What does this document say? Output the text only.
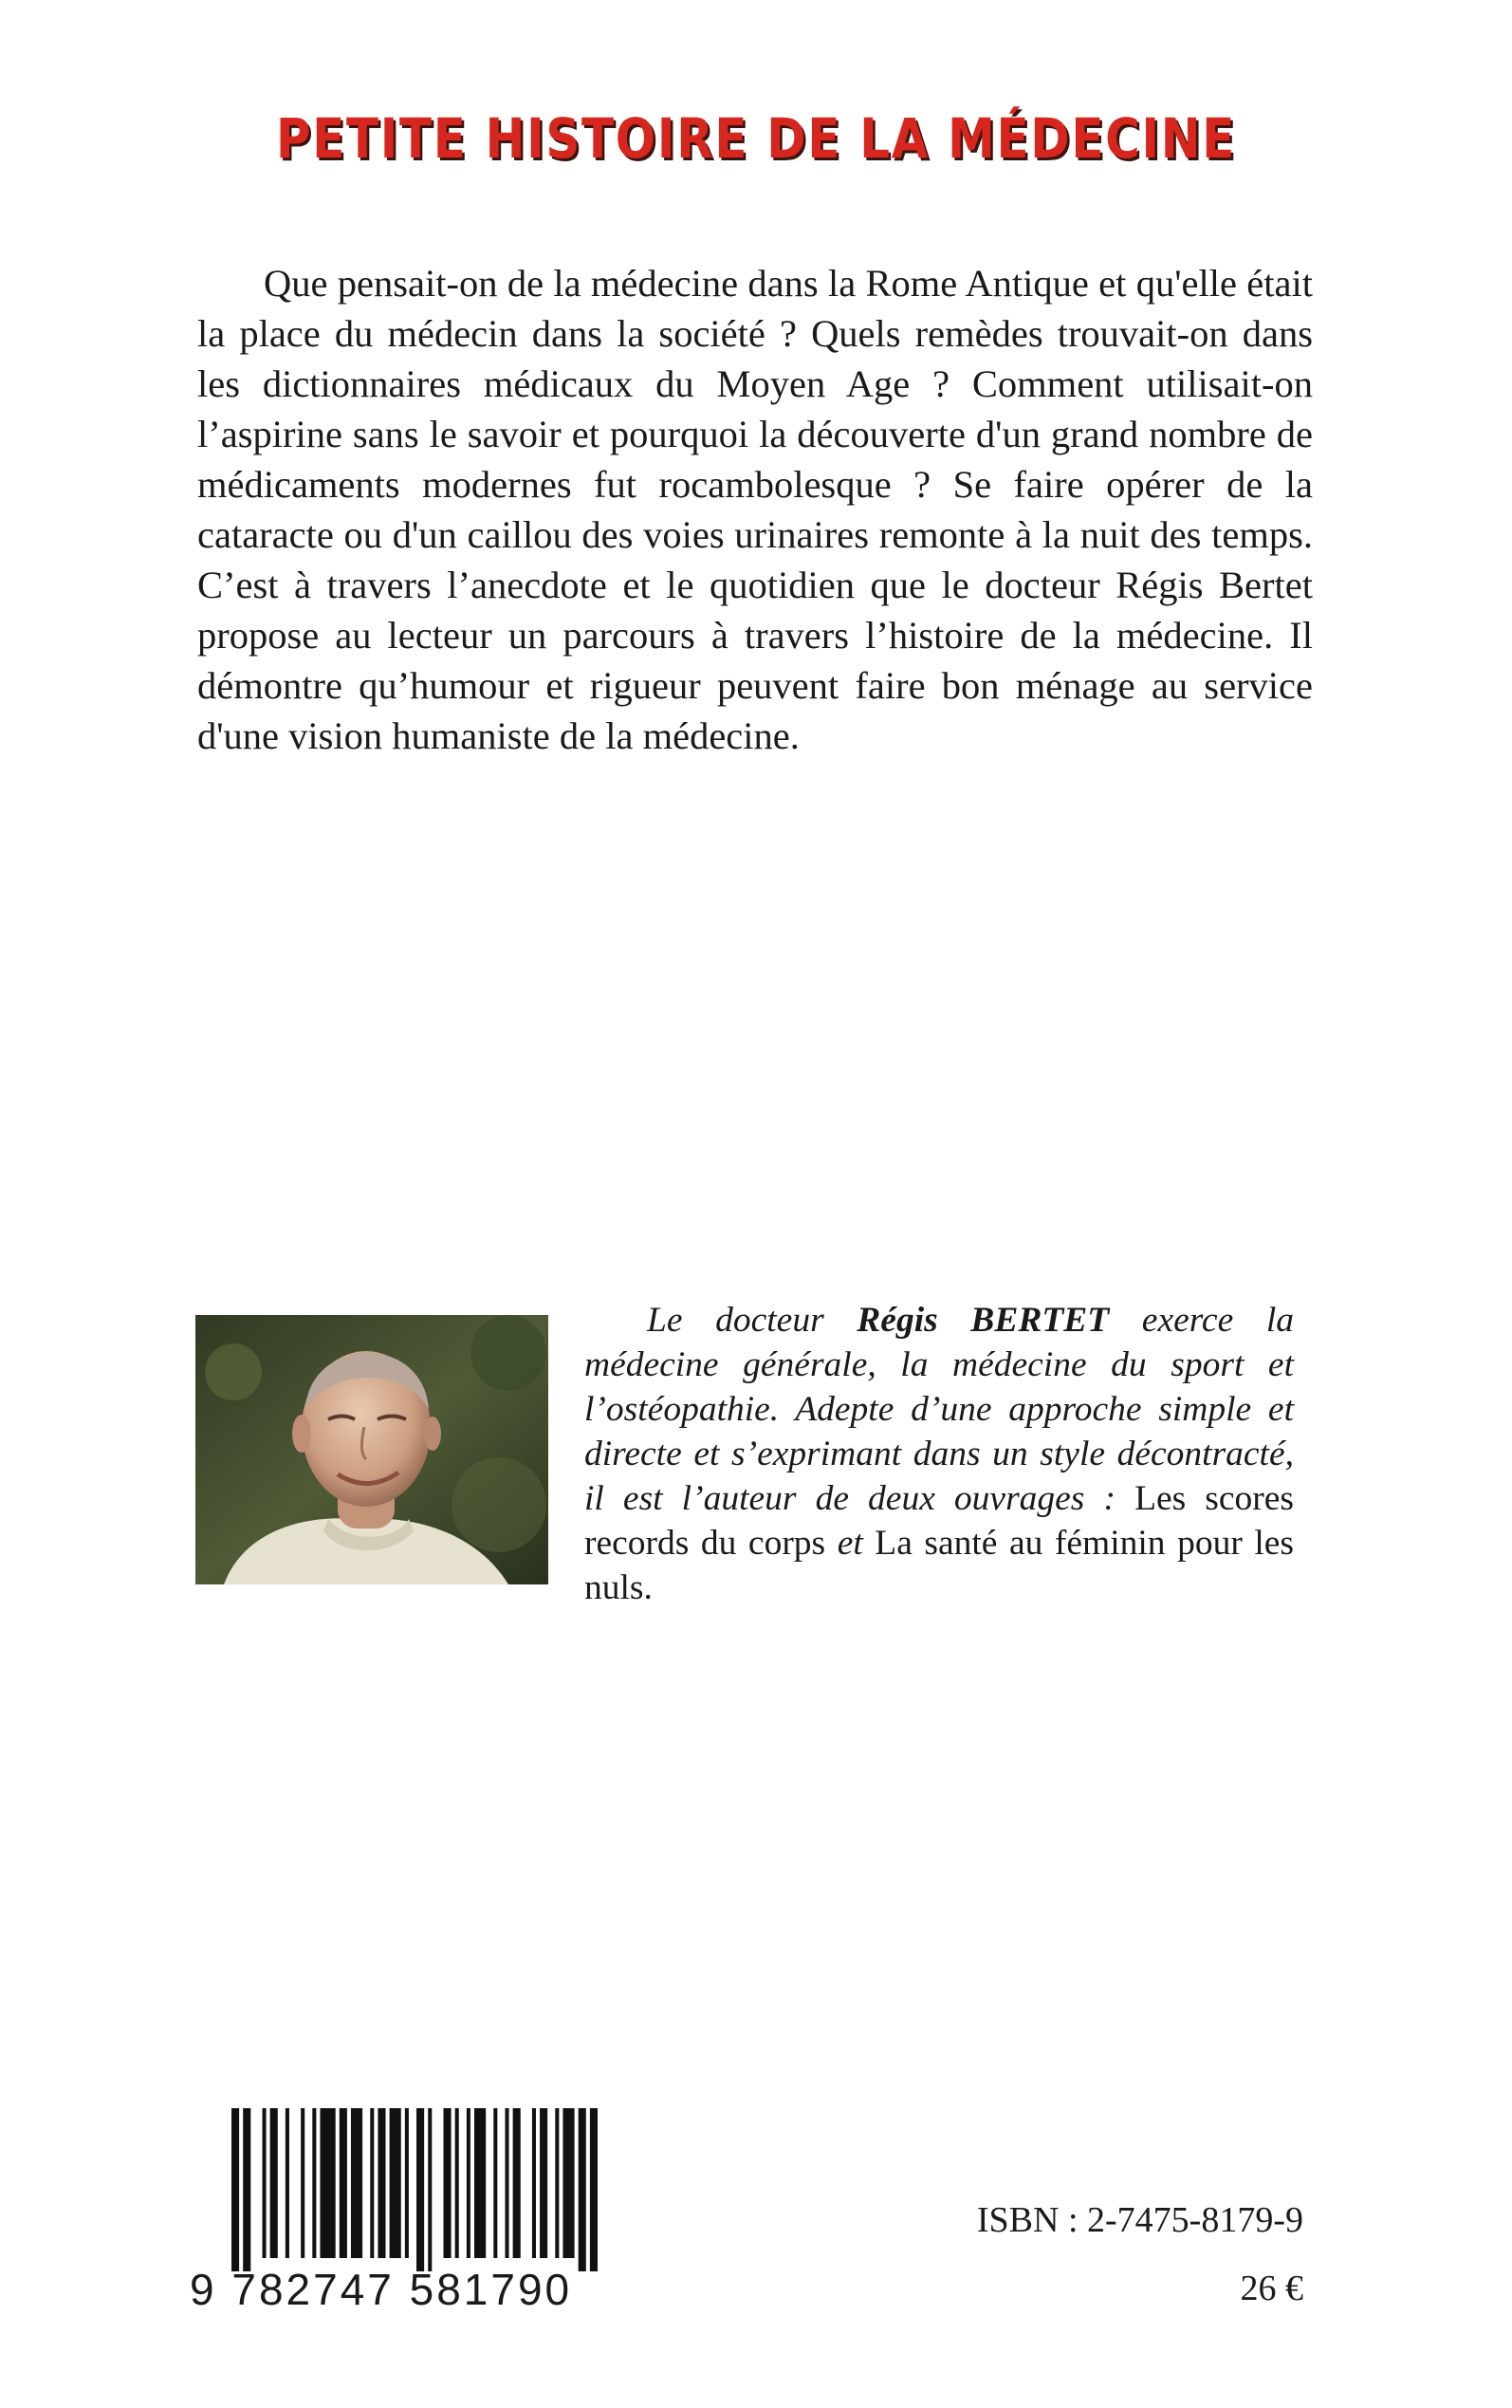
PETITE HISTOIRE DE LA MÉDECINE

Que pensait-on de la médecine dans la Rome Antique et qu'elle était la place du médecin dans la société ? Quels remèdes trouvait-on dans les dictionnaires médicaux du Moyen Age ? Comment utilisait-on l’aspirine sans le savoir et pourquoi la découverte d'un grand nombre de médicaments modernes fut rocambolesque ? Se faire opérer de la cataracte ou d'un caillou des voies urinaires remonte à la nuit des temps. C’est à travers l’anecdote et le quotidien que le docteur Régis Bertet propose au lecteur un parcours à travers l’histoire de la médecine. Il démontre qu’humour et rigueur peuvent faire bon ménage au service d'une vision humaniste de la médecine.

Le docteur Régis BERTET exerce la médecine générale, la médecine du sport et l’ostéopathie. Adepte d’une approche simple et directe et s’exprimant dans un style décontracté, il est l’auteur de deux ouvrages : Les scores records du corps et La santé au féminin pour les nuls.

9 782747 581790
ISBN : 2-7475-8179-9
26 €
